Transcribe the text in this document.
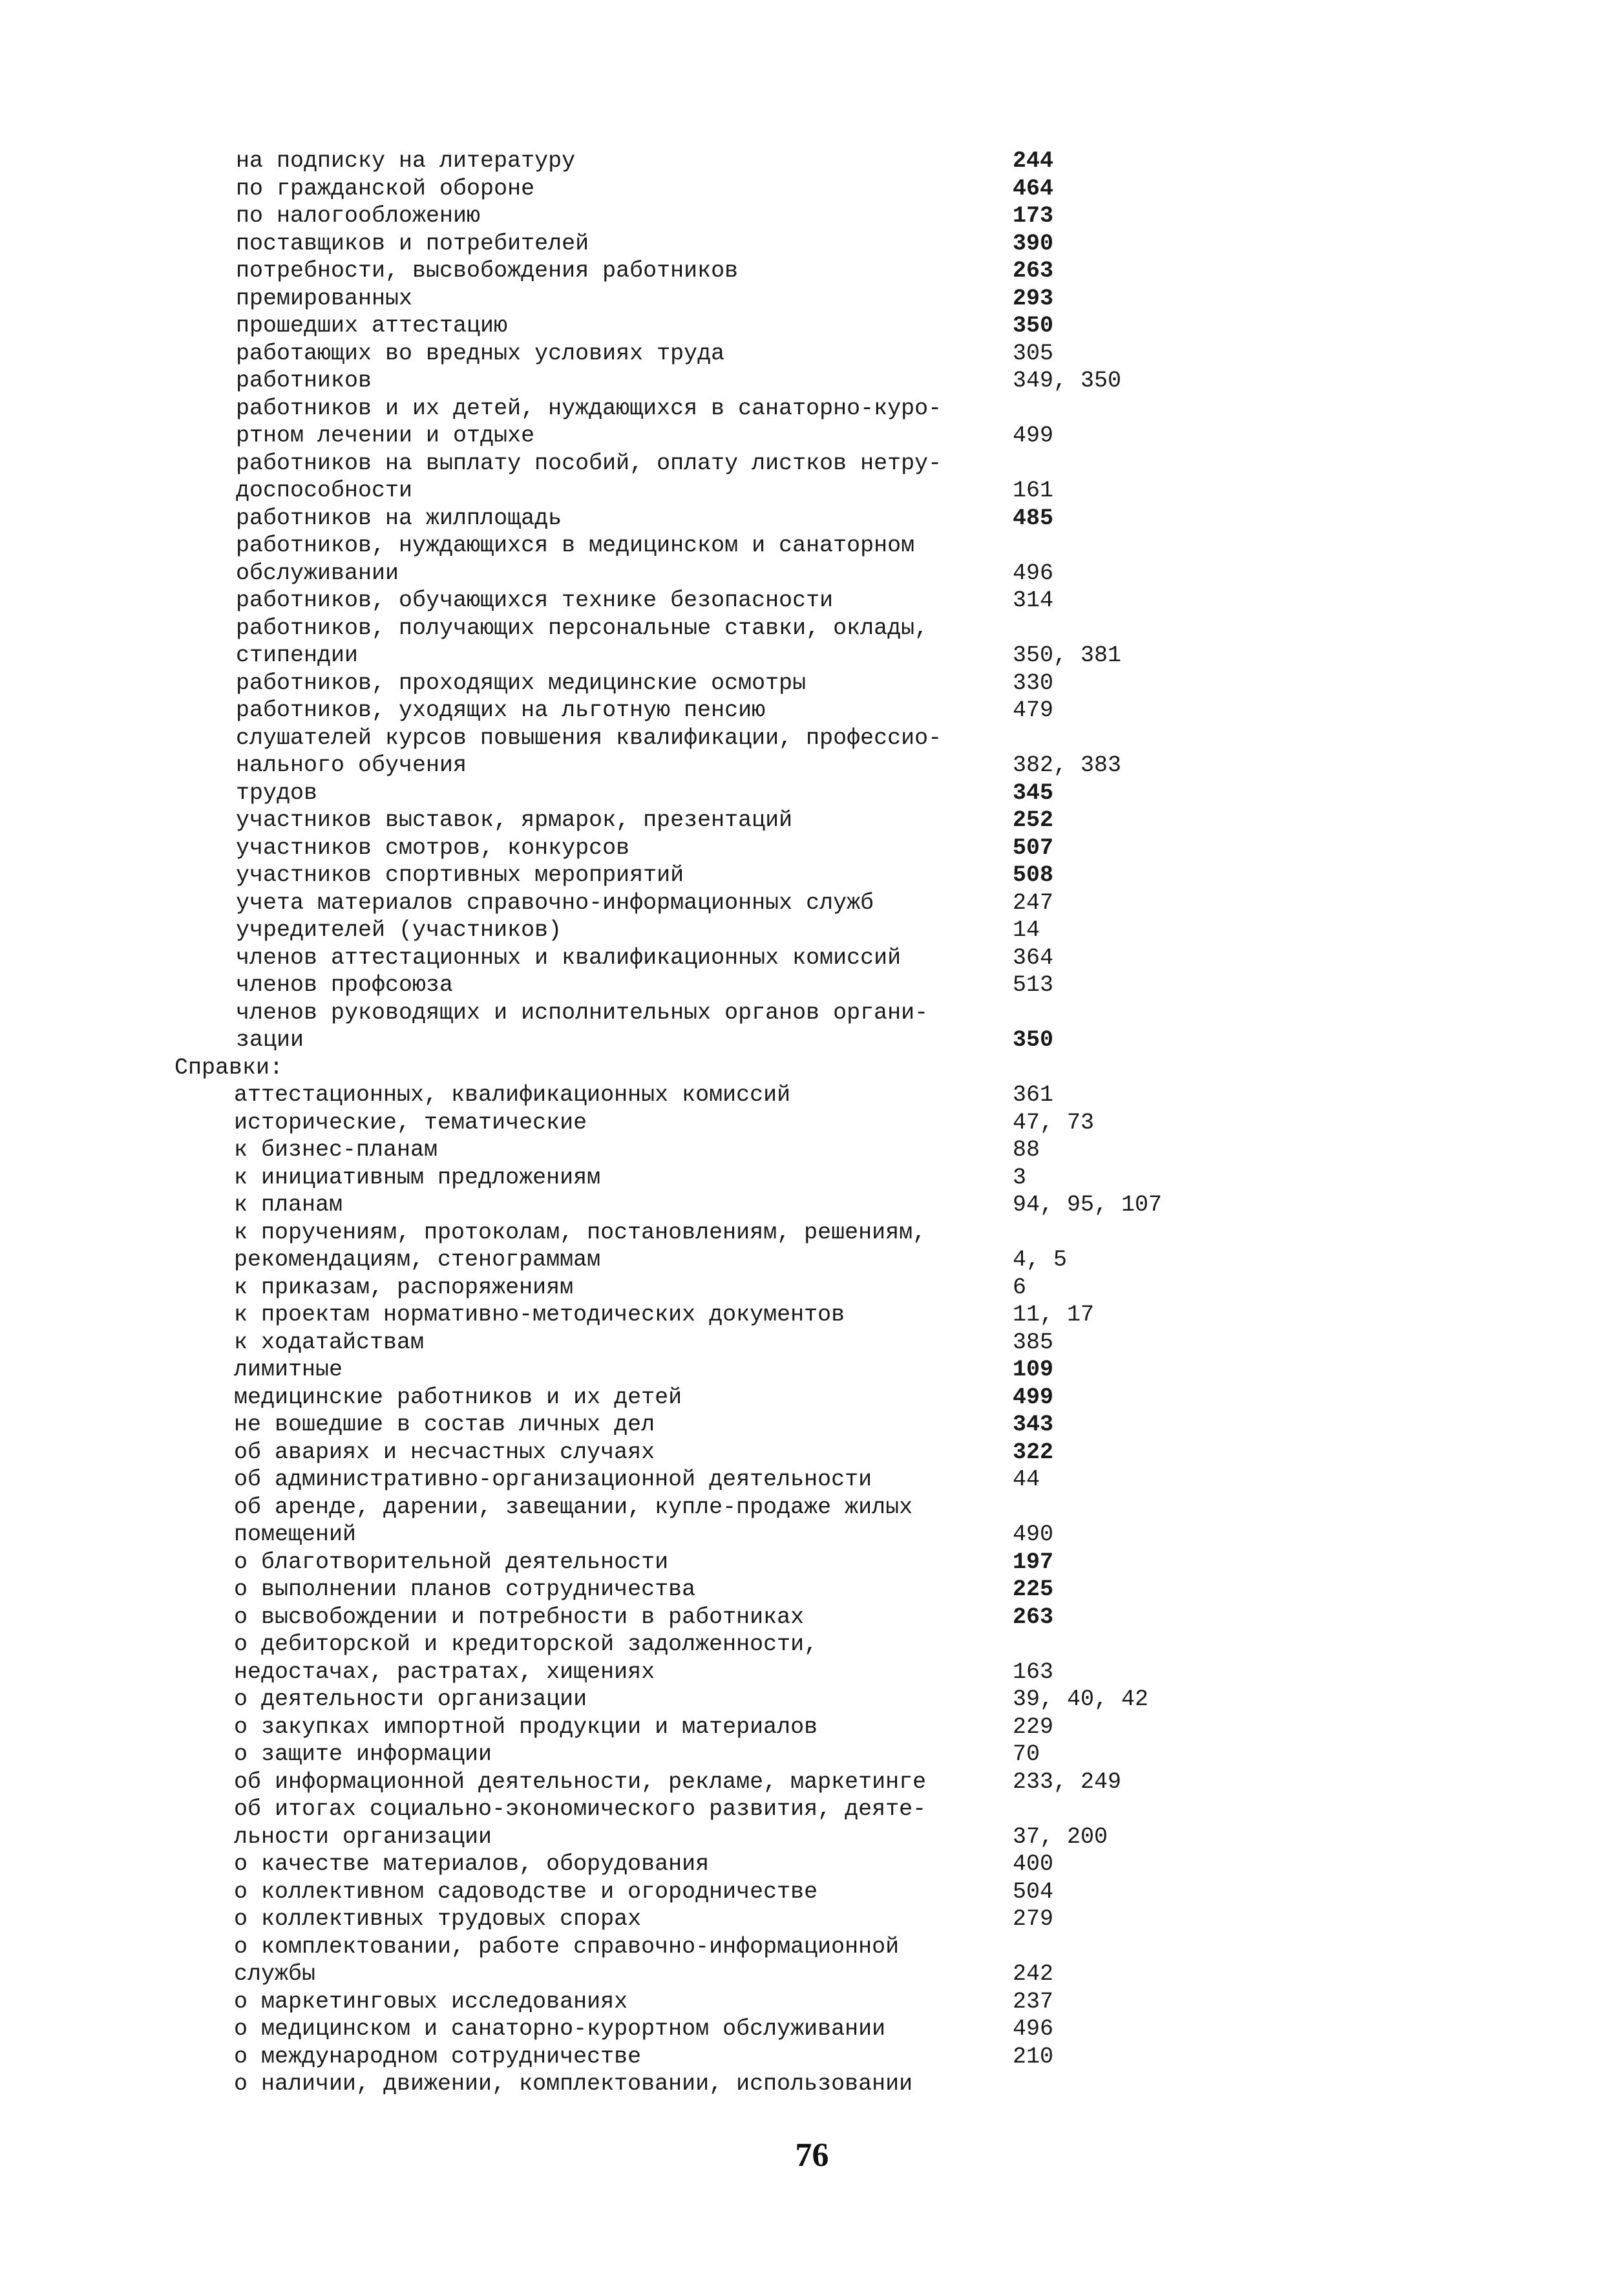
на подписку на литературу	244
по гражданской обороне	464
по налогообложению	173
поставщиков и потребителей	390
потребности, высвобождения работников	263
премированных	293
прошедших аттестацию	350
работающих во вредных условиях труда	305
работников	349, 350
работников и их детей, нуждающихся в санаторно-куро-
ртном лечении и отдыхе	499
работников на выплату пособий, оплату листков нетру-
доспособности	161
работников на жилплощадь	485
работников, нуждающихся в медицинском и санаторном
обслуживании	496
работников, обучающихся технике безопасности	314
работников, получающих персональные ставки, оклады,
стипендии	350, 381
работников, проходящих медицинские осмотры	330
работников, уходящих на льготную пенсию	479
слушателей курсов повышения квалификации, профессио-
нального обучения	382, 383
трудов	345
участников выставок, ярмарок, презентаций	252
участников смотров, конкурсов	507
участников спортивных мероприятий	508
учета материалов справочно-информационных служб	247
учредителей (участников)	14
членов аттестационных и квалификационных комиссий	364
членов профсоюза	513
членов руководящих и исполнительных органов органи-
зации	350
Справки:
аттестационных, квалификационных комиссий	361
исторические, тематические	47, 73
к бизнес-планам	88
к инициативным предложениям	3
к планам	94, 95, 107
к поручениям, протоколам, постановлениям, решениям,
рекомендациям, стенограммам	4, 5
к приказам, распоряжениям	6
к проектам нормативно-методических документов	11, 17
к ходатайствам	385
лимитные	109
медицинские работников и их детей	499
не вошедшие в состав личных дел	343
об авариях и несчастных случаях	322
об административно-организационной деятельности	44
об аренде, дарении, завещании, купле-продаже жилых
помещений	490
о благотворительной деятельности	197
о выполнении планов сотрудничества	225
о высвобождении и потребности в работниках	263
о дебиторской и кредиторской задолженности,
недостачах, растратах, хищениях	163
о деятельности организации	39, 40, 42
о закупках импортной продукции и материалов	229
о защите информации	70
об информационной деятельности, рекламе, маркетинге	233, 249
об итогах социально-экономического развития, деяте-
льности организации	37, 200
о качестве материалов, оборудования	400
о коллективном садоводстве и огородничестве	504
о коллективных трудовых спорах	279
о комплектовании, работе справочно-информационной
службы	242
о маркетинговых исследованиях	237
о медицинском и санаторно-курортном обслуживании	496
о международном сотрудничестве	210
о наличии, движении, комплектовании, использовании
76
